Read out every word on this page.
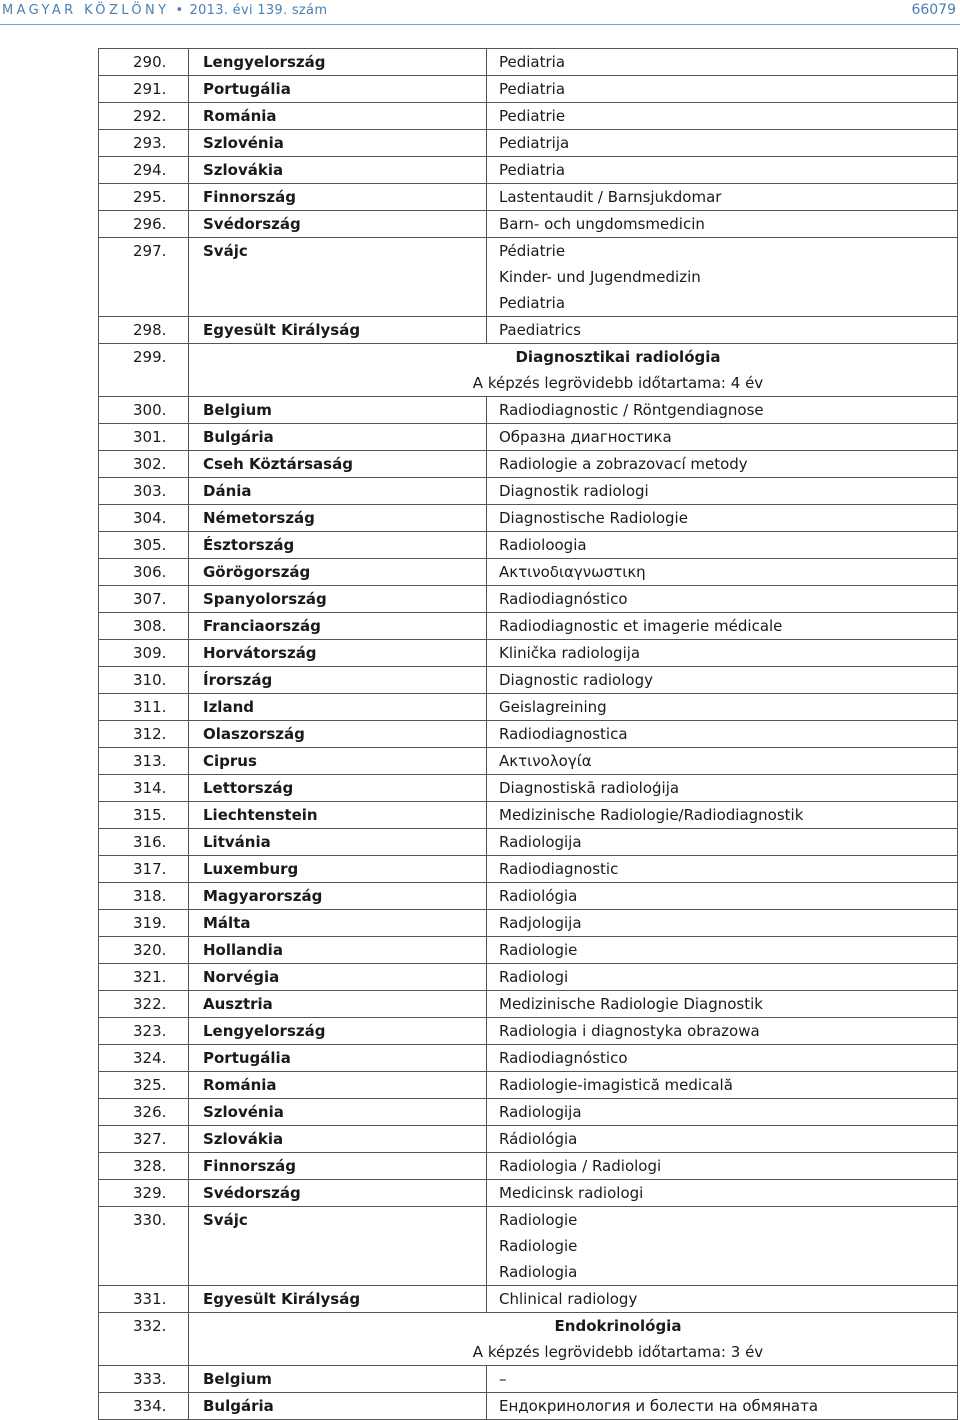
MAGYAR KÖZLÖNY • 2013. évi 139. szám	66079
290.	Lengyelország	Pediatria

291.	Portugália	Pediatria

292.	Románia	Pediatrie

293.	Szlovénia	Pediatrija

294.	Szlovákia	Pediatria

295.	Finnország	Lastentaudit / Barnsjukdomar

296.	Svédország	Barn- och ungdomsmedicin

297.	Svájc	Pédiatrie
Kinder- und Jugendmedizin
Pediatria

298.	Egyesült Királyság	Paediatrics

299.	Diagnosztikai radiológia
A képzés legrövidebb időtartama: 4 év	

300.	Belgium	Radiodiagnostic / Röntgendiagnose

301.	Bulgária	Образна диагностика

302.	Cseh Köztársaság	Radiologie a zobrazovací metody

303.	Dánia	Diagnostik radiologi

304.	Németország	Diagnostische Radiologie

305.	Észtország	Radioloogia

306.	Görögország	Ακτινοδιαγνωστικη

307.	Spanyolország	Radiodiagnóstico

308.	Franciaország	Radiodiagnostic et imagerie médicale

309.	Horvátország	Klinička radiologija

310.	Írország	Diagnostic radiology

311.	Izland	Geislagreining

312.	Olaszország	Radiodiagnostica

313.	Ciprus	Ακτινολογία

314.	Lettország	Diagnostiskā radioloģija

315.	Liechtenstein	Medizinische Radiologie/Radiodiagnostik

316.	Litvánia	Radiologija

317.	Luxemburg	Radiodiagnostic

318.	Magyarország	Radiológia

319.	Málta	Radjologija

320.	Hollandia	Radiologie

321.	Norvégia	Radiologi

322.	Ausztria	Medizinische Radiologie Diagnostik

323.	Lengyelország	Radiologia i diagnostyka obrazowa

324.	Portugália	Radiodiagnóstico

325.	Románia	Radiologie-imagistică medicală

326.	Szlovénia	Radiologija

327.	Szlovákia	Rádiológia

328.	Finnország	Radiologia / Radiologi

329.	Svédország	Medicinsk radiologi

330.	Svájc	Radiologie
Radiologie
Radiologia

331.	Egyesült Királyság	Chlinical radiology

332.	Endokrinológia
A képzés legrövidebb időtartama: 3 év	

333.	Belgium	–

334.	Bulgária	Ендокринология и болести на обмяната
